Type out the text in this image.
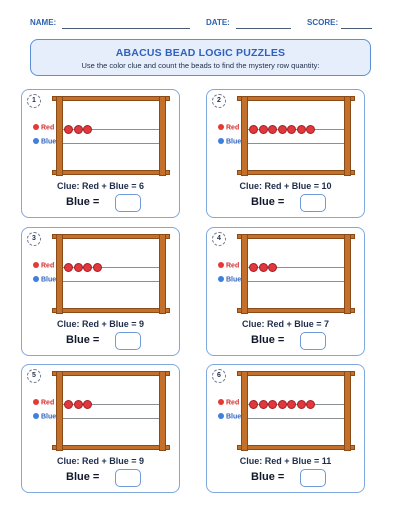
NAME:	DATE:	SCORE:
ABACUS BEAD LOGIC PUZZLES
Use the color clue and count the beads to find the mystery row quantity:
1
Red
Blue
Clue: Red + Blue = 6
Blue =
2
Red
Blue
Clue: Red + Blue = 10
Blue =
3
Red
Blue
Clue: Red + Blue = 9
Blue =
4
Red
Blue
Clue: Red + Blue = 7
Blue =
5
Red
Blue
Clue: Red + Blue = 9
Blue =
6
Red
Blue
Clue: Red + Blue = 11
Blue =
